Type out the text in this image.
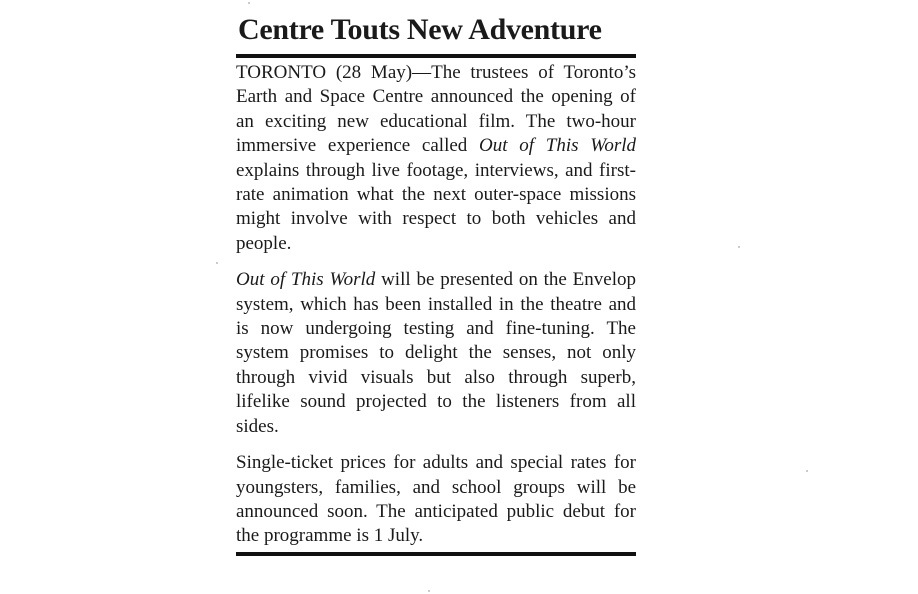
Centre Touts New Adventure

TORONTO (28 May)—The trustees of Toronto’s Earth and Space Centre announced the opening of an exciting new educational film. The two-hour immersive experience called Out of This World explains through live footage, interviews, and first-rate animation what the next outer-space missions might involve with respect to both vehicles and people.

Out of This World will be presented on the Envelop system, which has been installed in the theatre and is now undergoing testing and fine-tuning. The system promises to delight the senses, not only through vivid visuals but also through superb, lifelike sound projected to the listeners from all sides.

Single-ticket prices for adults and special rates for youngsters, families, and school groups will be announced soon. The anticipated public debut for the programme is 1 July.
